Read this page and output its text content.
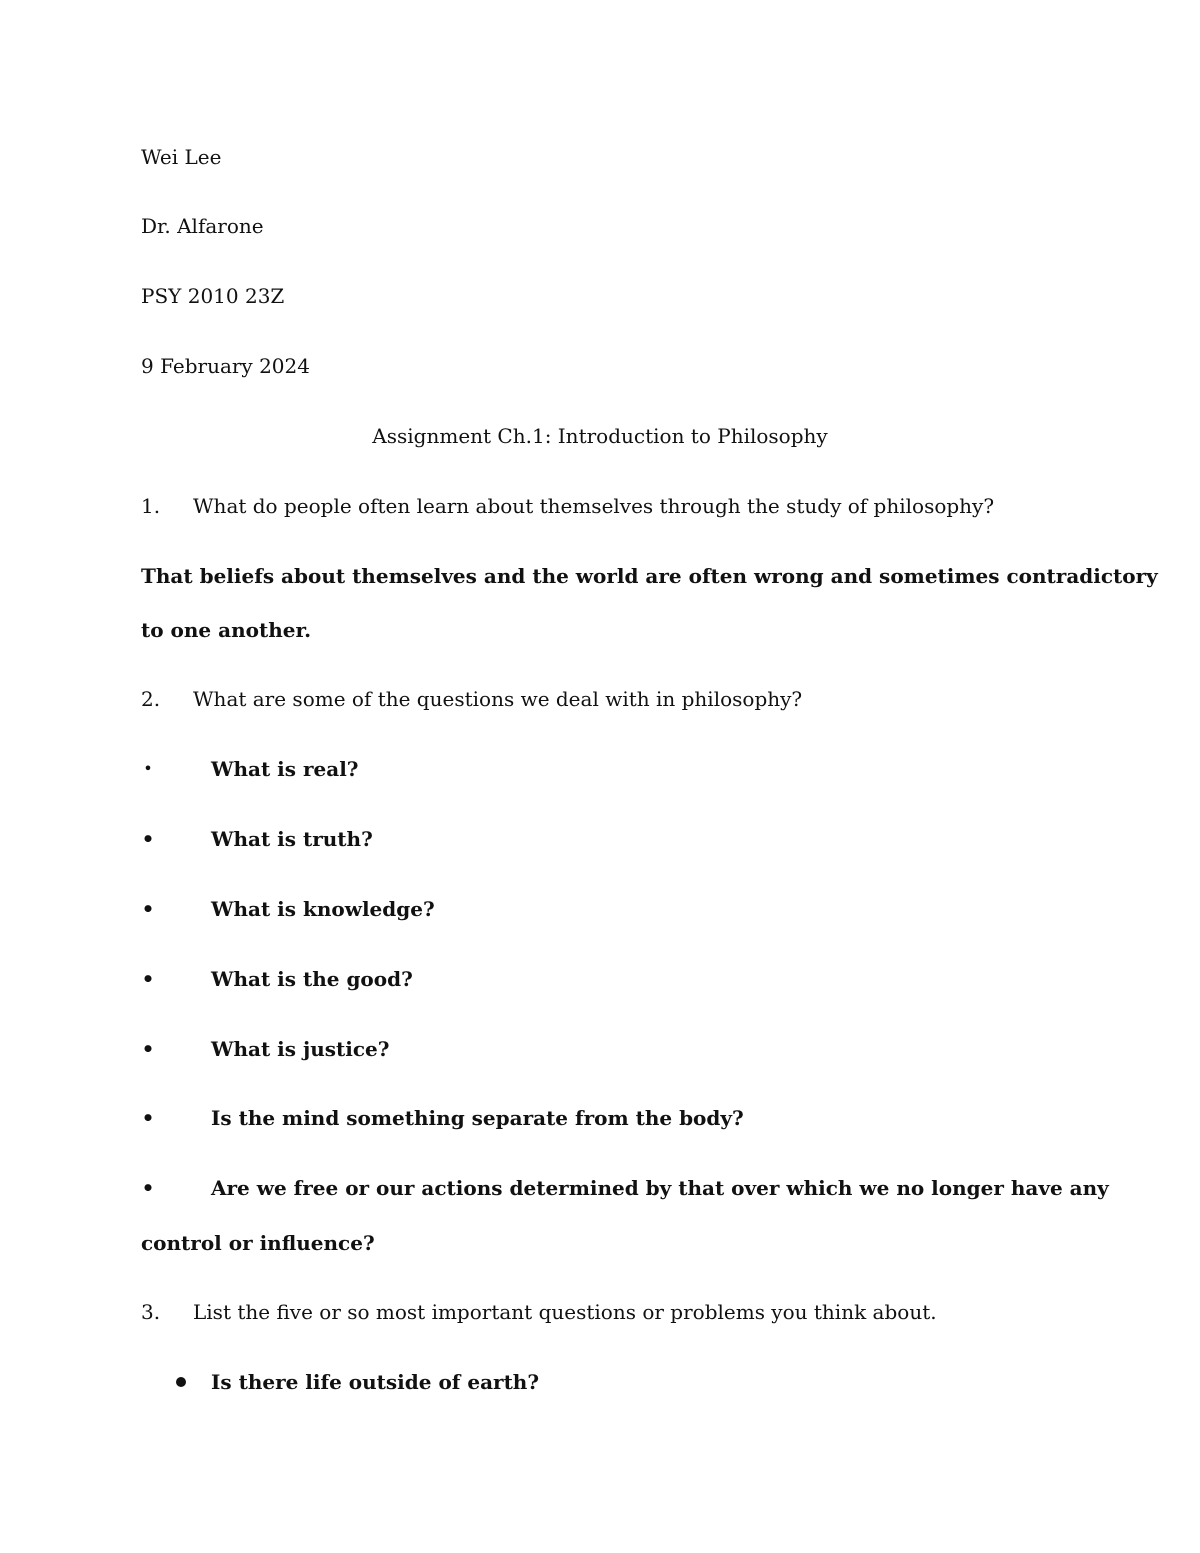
Wei Lee
Dr. Alfarone
PSY 2010 23Z
9 February 2024
Assignment Ch.1: Introduction to Philosophy
1. What do people often learn about themselves through the study of philosophy?
That beliefs about themselves and the world are often wrong and sometimes contradictory
to one another.
2. What are some of the questions we deal with in philosophy?
•	What is real?
•	What is truth?
•	What is knowledge?
•	What is the good?
•	What is justice?
•	Is the mind something separate from the body?
•	Are we free or our actions determined by that over which we no longer have any
control or influence?
3. List the five or so most important questions or problems you think about.
Is there life outside of earth?
